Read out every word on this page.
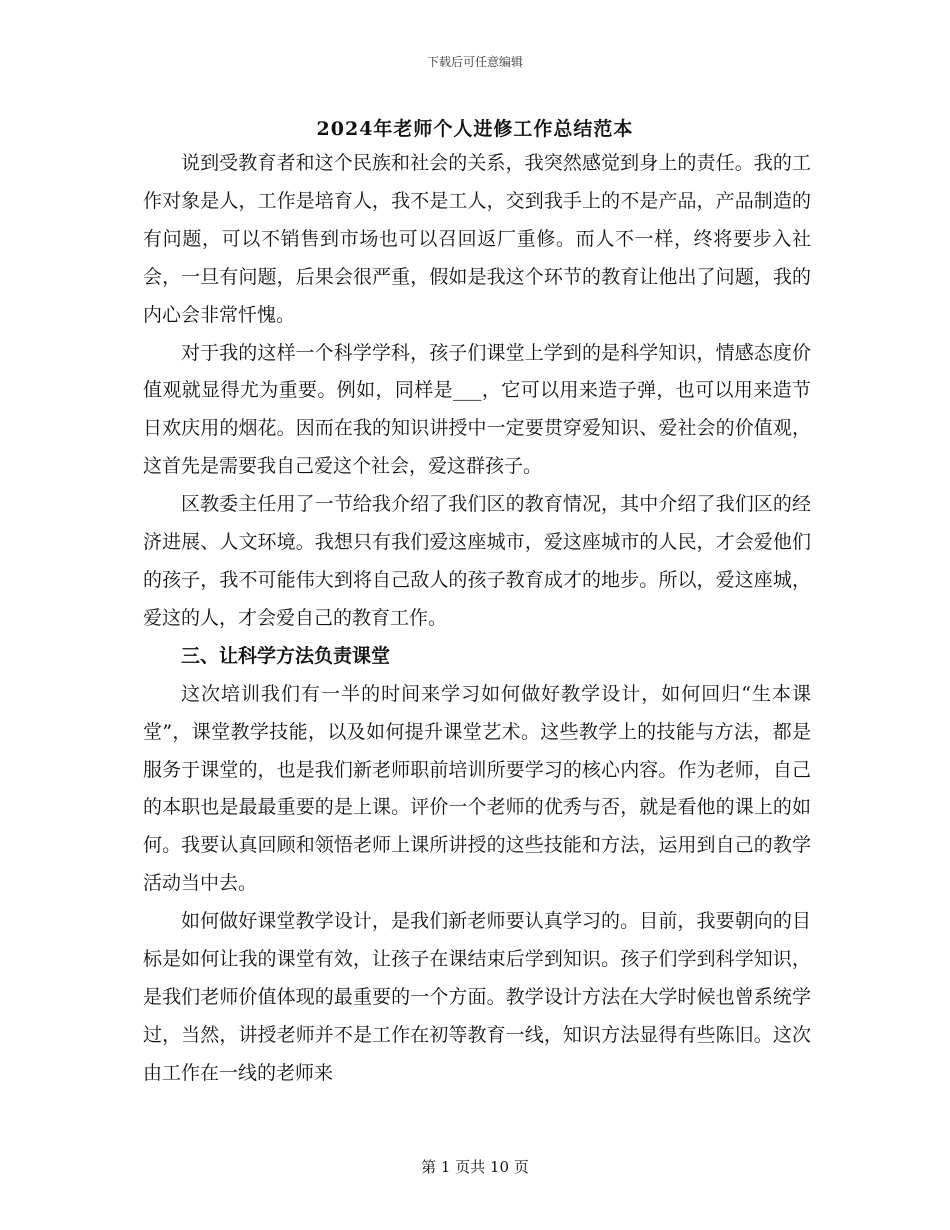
下载后可任意编辑
2024年老师个人进修工作总结范本

说到受教育者和这个民族和社会的关系，我突然感觉到身上的责任。我的工作对象是人，工作是培育人，我不是工人，交到我手上的不是产品，产品制造的有问题，可以不销售到市场也可以召回返厂重修。而人不一样，终将要步入社会，一旦有问题，后果会很严重，假如是我这个环节的教育让他出了问题，我的内心会非常忏愧。

对于我的这样一个科学学科，孩子们课堂上学到的是科学知识，情感态度价值观就显得尤为重要。例如，同样是___，它可以用来造子弹，也可以用来造节日欢庆用的烟花。因而在我的知识讲授中一定要贯穿爱知识、爱社会的价值观，这首先是需要我自己爱这个社会，爱这群孩子。

区教委主任用了一节给我介绍了我们区的教育情况，其中介绍了我们区的经济进展、人文环境。我想只有我们爱这座城市，爱这座城市的人民，才会爱他们的孩子，我不可能伟大到将自己敌人的孩子教育成才的地步。所以，爱这座城，爱这的人，才会爱自己的教育工作。

三、让科学方法负责课堂

这次培训我们有一半的时间来学习如何做好教学设计，如何回归“生本课堂”，课堂教学技能，以及如何提升课堂艺术。这些教学上的技能与方法，都是服务于课堂的，也是我们新老师职前培训所要学习的核心内容。作为老师，自己的本职也是最最重要的是上课。评价一个老师的优秀与否，就是看他的课上的如何。我要认真回顾和领悟老师上课所讲授的这些技能和方法，运用到自己的教学活动当中去。

如何做好课堂教学设计，是我们新老师要认真学习的。目前，我要朝向的目标是如何让我的课堂有效，让孩子在课结束后学到知识。孩子们学到科学知识，是我们老师价值体现的最重要的一个方面。教学设计方法在大学时候也曾系统学过，当然，讲授老师并不是工作在初等教育一线，知识方法显得有些陈旧。这次由工作在一线的老师来

第 1 页共 10 页
